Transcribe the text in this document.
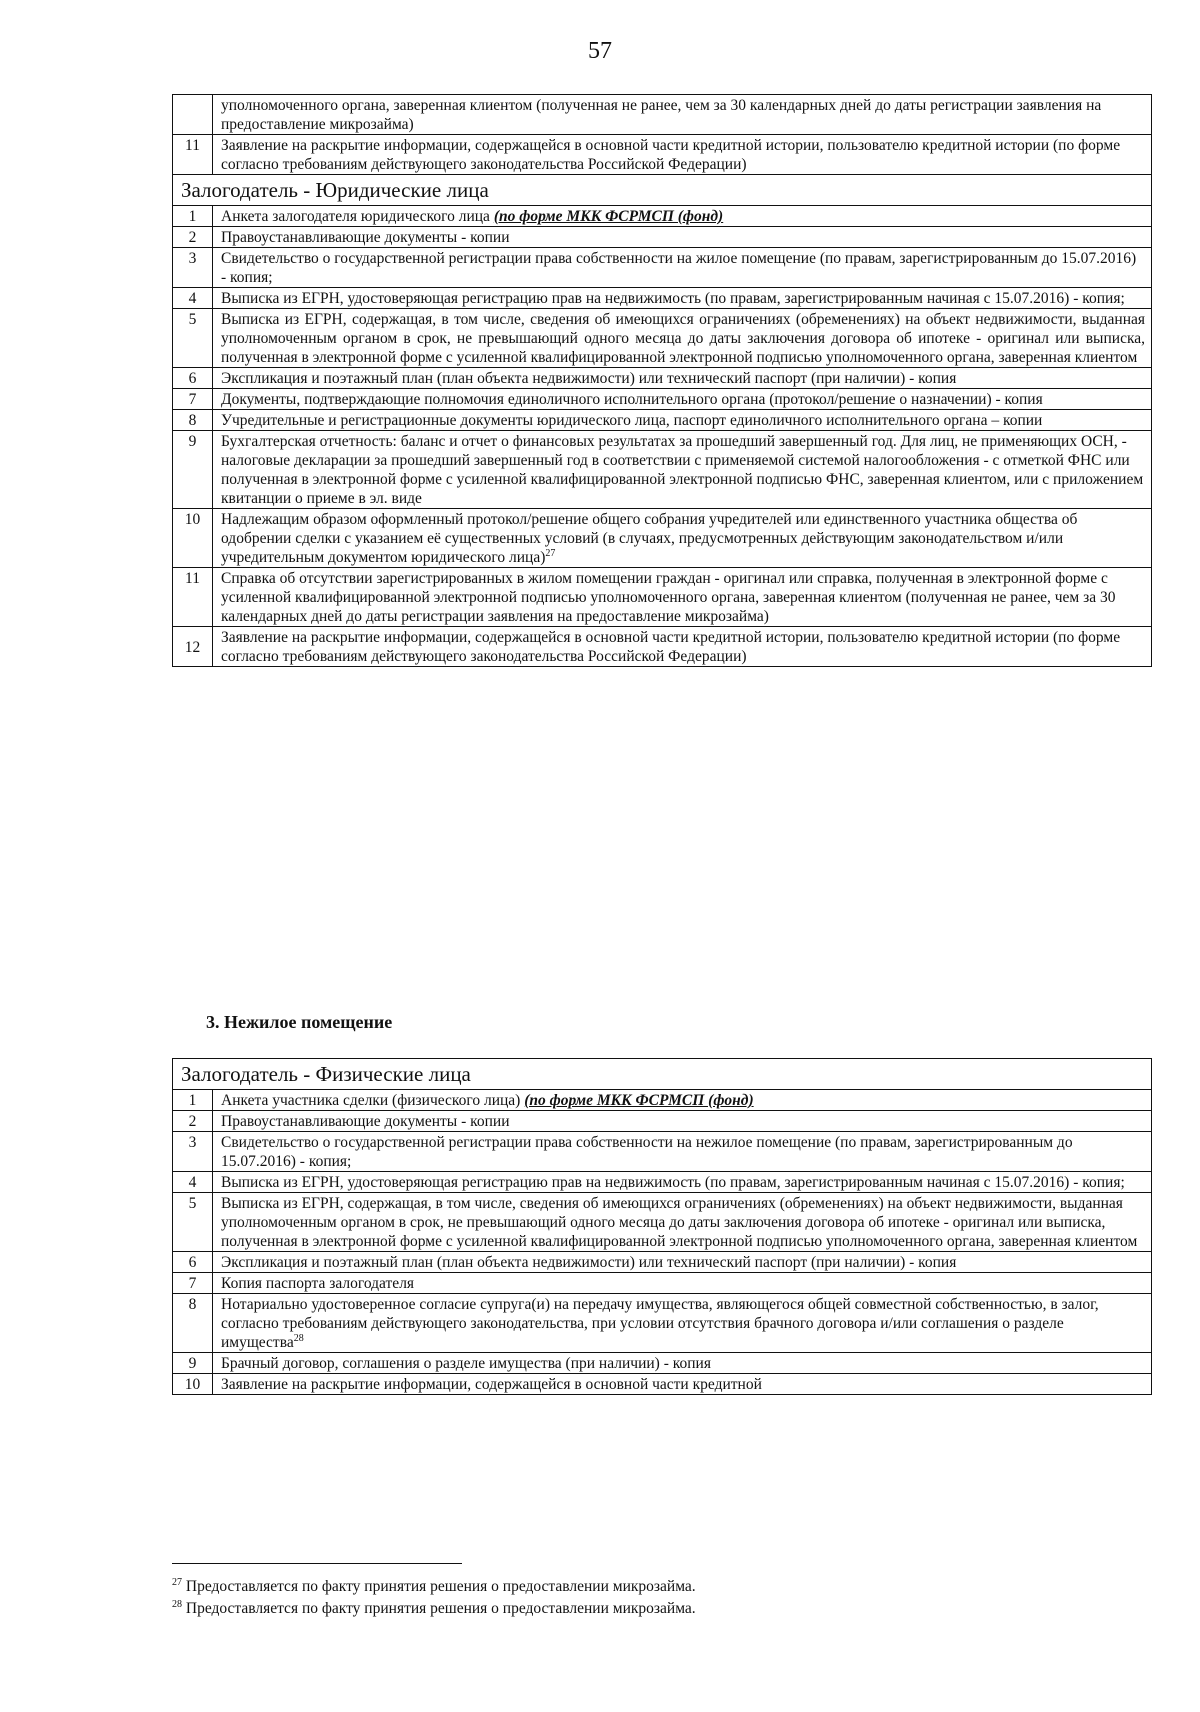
57
	уполномоченного органа, заверенная клиентом (полученная не ранее, чем за 30 календарных дней до даты регистрации заявления на предоставление микрозайма)
11	Заявление на раскрытие информации, содержащейся в основной части кредитной истории, пользователю кредитной истории (по форме согласно требованиям действующего законодательства Российской Федерации)
Залогодатель - Юридические лица	
1	Анкета залогодателя юридического лица (по форме МКК ФСРМСП (фонд)
2	Правоустанавливающие документы - копии
3	Свидетельство о государственной регистрации права собственности на жилое помещение (по правам, зарегистрированным до 15.07.2016) - копия;
4	Выписка из ЕГРН, удостоверяющая регистрацию прав на недвижимость (по правам, зарегистрированным начиная с 15.07.2016) - копия;
5	Выписка из ЕГРН, содержащая, в том числе, сведения об имеющихся ограничениях (обременениях) на объект недвижимости, выданная уполномоченным органом в срок, не превышающий одного месяца до даты заключения договора об ипотеке - оригинал или выписка, полученная в электронной форме с усиленной квалифицированной электронной подписью уполномоченного органа, заверенная клиентом
6	Экспликация и поэтажный план (план объекта недвижимости) или технический паспорт (при наличии) - копия
7	Документы, подтверждающие полномочия единоличного исполнительного органа (протокол/решение о назначении) - копия
8	Учредительные и регистрационные документы юридического лица, паспорт единоличного исполнительного органа – копии
9	Бухгалтерская отчетность: баланс и отчет о финансовых результатах за прошедший завершенный год. Для лиц, не применяющих ОСН, - налоговые декларации за прошедший завершенный год в соответствии с применяемой системой налогообложения - с отметкой ФНС или полученная в электронной форме с усиленной квалифицированной электронной подписью ФНС, заверенная клиентом, или с приложением квитанции о приеме в эл. виде
10	Надлежащим образом оформленный протокол/решение общего собрания учредителей или единственного участника общества об одобрении сделки с указанием её существенных условий (в случаях, предусмотренных действующим законодательством и/или учредительным документом юридического лица)$^{27}$
11	Справка об отсутствии зарегистрированных в жилом помещении граждан - оригинал или справка, полученная в электронной форме с усиленной квалифицированной электронной подписью уполномоченного органа, заверенная клиентом (полученная не ранее, чем за 30 календарных дней до даты регистрации заявления на предоставление микрозайма)
12	Заявление на раскрытие информации, содержащейся в основной части кредитной истории, пользователю кредитной истории (по форме согласно требованиям действующего законодательства Российской Федерации)
3. Нежилое помещение
Залогодатель - Физические лица	
1	Анкета участника сделки (физического лица) (по форме МКК ФСРМСП (фонд)
2	Правоустанавливающие документы - копии
3	Свидетельство о государственной регистрации права собственности на нежилое помещение (по правам, зарегистрированным до 15.07.2016) - копия;
4	Выписка из ЕГРН, удостоверяющая регистрацию прав на недвижимость (по правам, зарегистрированным начиная с 15.07.2016) - копия;
5	Выписка из ЕГРН, содержащая, в том числе, сведения об имеющихся ограничениях (обременениях) на объект недвижимости, выданная уполномоченным органом в срок, не превышающий одного месяца до даты заключения договора об ипотеке - оригинал или выписка, полученная в электронной форме с усиленной квалифицированной электронной подписью уполномоченного органа, заверенная клиентом
6	Экспликация и поэтажный план (план объекта недвижимости) или технический паспорт (при наличии) - копия
7	Копия паспорта залогодателя
8	Нотариально удостоверенное согласие супруга(и) на передачу имущества, являющегося общей совместной собственностью, в залог, согласно требованиям действующего законодательства, при условии отсутствия брачного договора и/или соглашения о разделе имущества$^{28}$
9	Брачный договор, соглашения о разделе имущества (при наличии) - копия
10	Заявление на раскрытие информации, содержащейся в основной части кредитной
$^{27}$ Предоставляется по факту принятия решения о предоставлении микрозайма.
$^{28}$ Предоставляется по факту принятия решения о предоставлении микрозайма.
